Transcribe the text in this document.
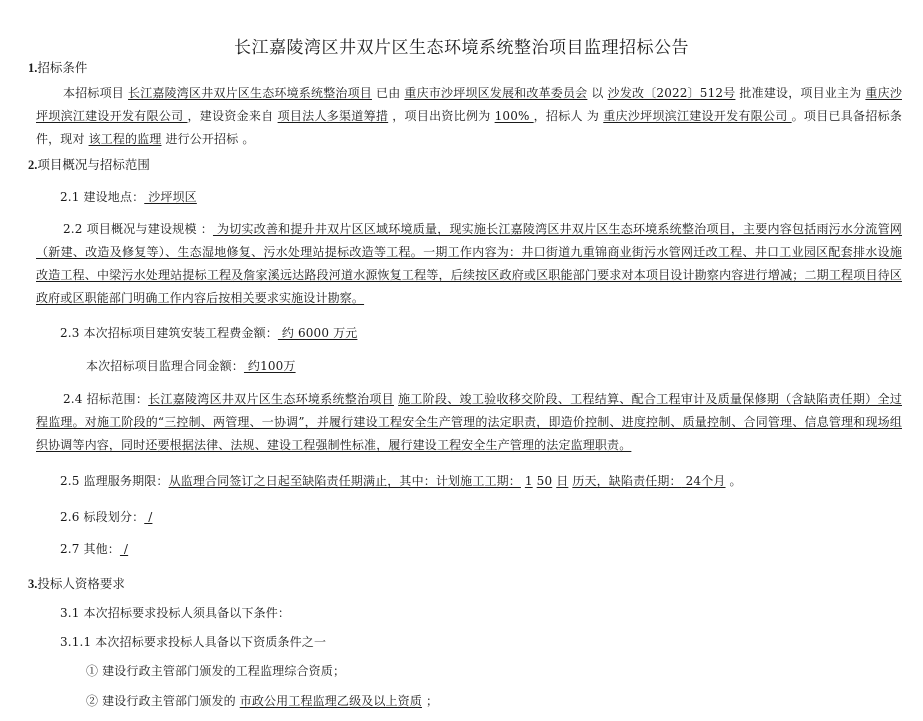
长江嘉陵湾区井双片区生态环境系统整治项目监理招标公告
1.招标条件
本招标项目 长江嘉陵湾区井双片区生态环境系统整治项目 已由 重庆市沙坪坝区发展和改革委员会 以 沙发改〔2022〕512号 批准建设，项目业主为 重庆沙坪坝滨江建设开发有限公司 ，建设资金来自 项目法人多渠道筹措 ，项目出资比例为 100% ，招标人 为 重庆沙坪坝滨江建设开发有限公司 。项目已具备招标条件，现对 该工程的监理 进行公开招标 。
2.项目概况与招标范围
2.1 建设地点： 沙坪坝区
2.2 项目概况与建设规模 ： 为切实改善和提升井双片区区域环境质量，现实施长江嘉陵湾区井双片区生态环境系统整治项目，主要内容包括雨污水分流管网（新建、改造及修复等）、生态湿地修复、污水处理站提标改造等工程。一期工作内容为：井口街道九重锦商业街污水管网迁改工程、井口工业园区配套排水设施改造工程、中梁污水处理站提标工程及詹家溪远达路段河道水源恢复工程等，后续按区政府或区职能部门要求对本项目设计勘察内容进行增减；二期工程项目待区政府或区职能部门明确工作内容后按相关要求实施设计勘察。
2.3 本次招标项目建筑安装工程费金额： 约 6000 万元
本次招标项目监理合同金额： 约100万
2.4 招标范围：长江嘉陵湾区井双片区生态环境系统整治项目 施工阶段、竣工验收移交阶段、工程结算、配合工程审计及质量保修期（含缺陷责任期）全过程监理。对施工阶段的“三控制、两管理、一协调”，并履行建设工程安全生产管理的法定职责，即造价控制、进度控制、质量控制、合同管理、信息管理和现场组织协调等内容，同时还要根据法律、法规、建设工程强制性标准，履行建设工程安全生产管理的法定监理职责。
2.5 监理服务期限：从监理合同签订之日起至缺陷责任期满止，其中：计划施工工期： 1 50 日 历天，缺陷责任期： 24个月 。
2.6 标段划分： /
2.7 其他： /
3.投标人资格要求
3.1 本次招标要求投标人须具备以下条件：
3.1.1 本次招标要求投标人具备以下资质条件之一
① 建设行政主管部门颁发的工程监理综合资质；
② 建设行政主管部门颁发的 市政公用工程监理乙级及以上资质 ；
